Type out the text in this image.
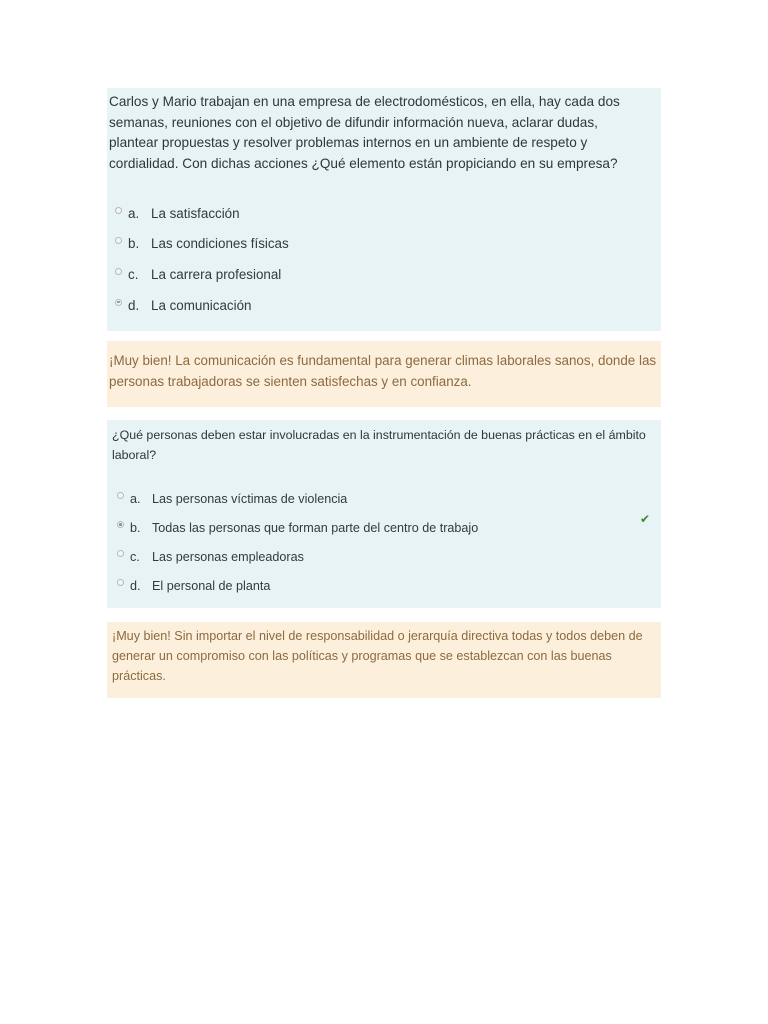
Carlos y Mario trabajan en una empresa de electrodomésticos, en ella, hay cada dos
semanas, reuniones con el objetivo de difundir información nueva, aclarar dudas,
plantear propuestas y resolver problemas internos en un ambiente de respeto y
cordialidad. Con dichas acciones ¿Qué elemento están propiciando en su empresa?
a. La satisfacción
b. Las condiciones físicas
c. La carrera profesional
d. La comunicación
¡Muy bien! La comunicación es fundamental para generar climas laborales sanos, donde las personas trabajadoras se sienten satisfechas y en confianza.
¿Qué personas deben estar involucradas en la instrumentación de buenas prácticas en el ámbito laboral?
a. Las personas víctimas de violencia
b. Todas las personas que forman parte del centro de trabajo
c. Las personas empleadoras
d. El personal de planta
✔
¡Muy bien! Sin importar el nivel de responsabilidad o jerarquía directiva todas y todos deben de generar un compromiso con las políticas y programas que se establezcan con las buenas prácticas.
